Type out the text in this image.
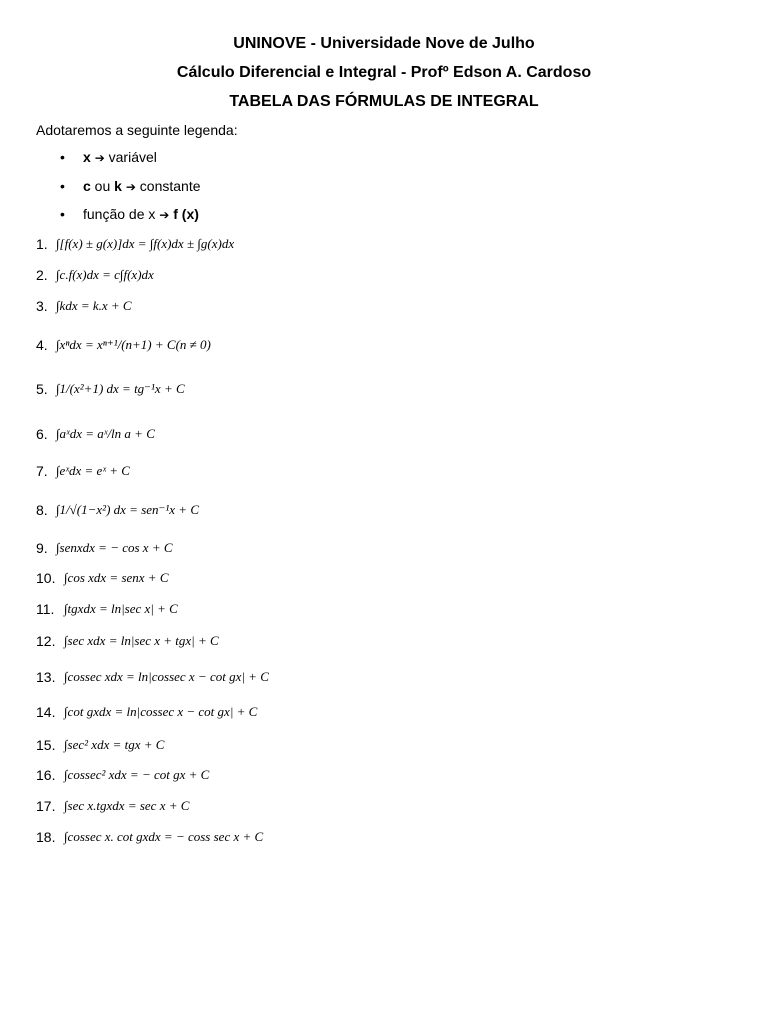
UNINOVE - Universidade Nove de Julho
Cálculo Diferencial e Integral - Profº Edson A. Cardoso
TABELA DAS FÓRMULAS DE INTEGRAL
Adotaremos a seguinte legenda:
• x ➔ variável
• c ou k ➔ constante
• função de x ➔ f (x)
1. ∫[f(x) ± g(x)]dx = ∫f(x)dx ± ∫g(x)dx
2. ∫c.f(x)dx = c∫f(x)dx
3. ∫kdx = k.x + C
4. ∫xⁿdx = xⁿ⁺¹/(n+1) + C(n ≠ 0)
5. ∫1/(x²+1) dx = tg⁻¹x + C
6. ∫aˣdx = aˣ/ln a + C
7. ∫eˣdx = eˣ + C
8. ∫1/√(1−x²) dx = sen⁻¹x + C
9. ∫senxdx = − cos x + C
10. ∫cos xdx = senx + C
11. ∫tgxdx = ln|sec x| + C
12. ∫sec xdx = ln|sec x + tgx| + C
13. ∫cossec xdx = ln|cossec x − cot gx| + C
14. ∫cot gxdx = ln|cossec x − cot gx| + C
15. ∫sec² xdx = tgx + C
16. ∫cossec² xdx = − cot gx + C
17. ∫sec x.tgxdx = sec x + C
18. ∫cossec x. cot gxdx = − coss sec x + C
